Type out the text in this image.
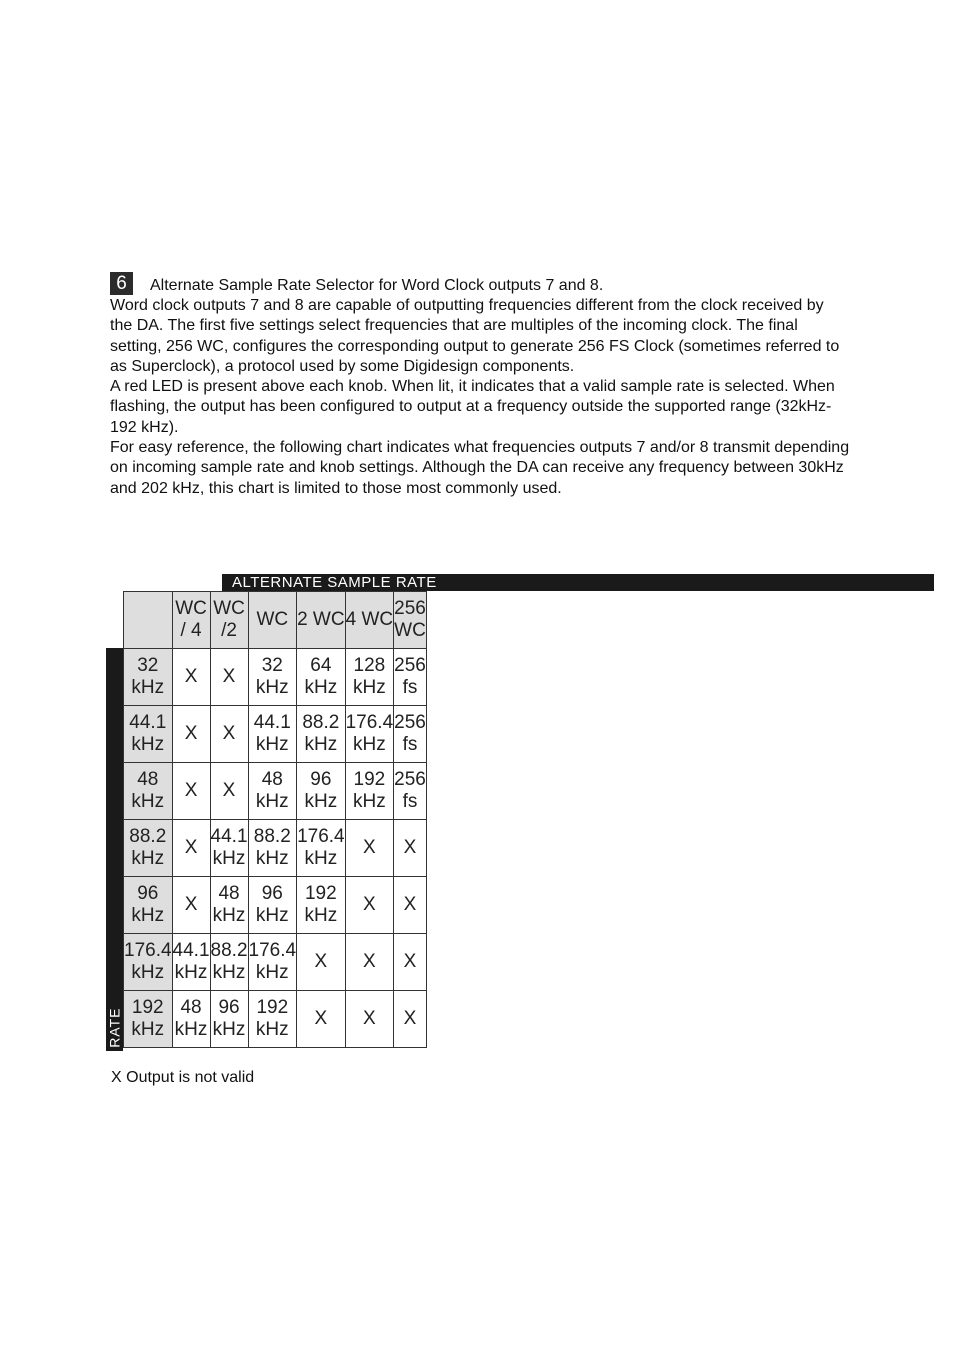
6	Alternate Sample Rate Selector for Word Clock outputs 7 and 8.

Word clock outputs 7 and 8 are capable of outputting frequencies different from the clock received by the DA. The first five settings select frequencies that are multiples of the incoming clock. The final setting, 256 WC, configures the corresponding output to generate 256 FS Clock (sometimes referred to as Superclock), a protocol used by some Digidesign components.

A red LED is present above each knob. When lit, it indicates that a valid sample rate is selected. When flashing, the output has been configured to output at a frequency outside the supported range (32kHz- 192 kHz).

For easy reference, the following chart indicates what frequencies outputs 7 and/or 8 transmit depending on incoming sample rate and knob settings. Although the DA can receive any frequency between 30kHz and 202 kHz, this chart is limited to those most commonly used.

ALTERNATE SAMPLE RATE
SAMPLE RATE
	WC / 4	WC /2	WC	2 WC	4 WC	256 WC
32 kHz	X	X	32 kHz	64 kHz	128 kHz	256 fs
44.1 kHz	X	X	44.1 kHz	88.2 kHz	176.4 kHz	256 fs
48 kHz	X	X	48 kHz	96 kHz	192 kHz	256 fs
88.2 kHz	X	44.1 kHz	88.2 kHz	176.4 kHz	X	X
96 kHz	X	48 kHz	96 kHz	192 kHz	X	X
176.4 kHz	44.1 kHz	88.2 kHz	176.4 kHz	X	X	X
192 kHz	48 kHz	96 kHz	192 kHz	X	X	X
X Output is not valid
